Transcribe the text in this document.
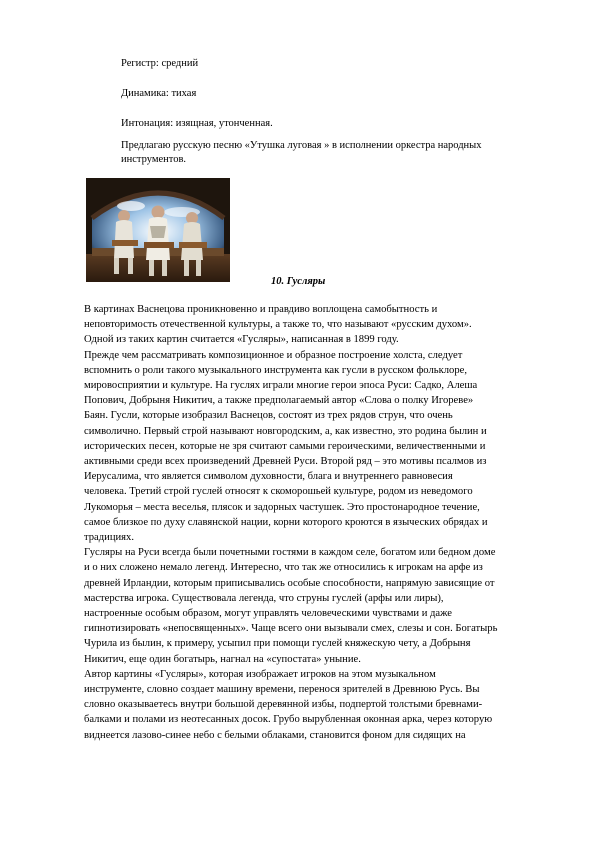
Регистр: средний
Динамика: тихая
Интонация: изящная, утонченная.
Предлагаю русскую песню «Утушка луговая » в исполнении оркестра народных
инструментов.
10. Гусляры
В картинах Васнецова проникновенно и правдиво воплощена самобытность и
неповторимость отечественной культуры, а также то, что называют «русским духом».
Одной из таких картин считается «Гусляры», написанная в 1899 году.
Прежде чем рассматривать композиционное и образное построение холста, следует
вспомнить о роли такого музыкального инструмента как гусли в русском фольклоре,
мировосприятии и культуре. На гуслях играли многие герои эпоса Руси: Садко, Алеша
Попович, Добрыня Никитич, а также предполагаемый автор «Слова о полку Игореве»
Баян. Гусли, которые изобразил Васнецов, состоят из трех рядов струн, что очень
символично. Первый строй называют новгородским, а, как известно, это родина былин и
исторических песен, которые не зря считают самыми героическими, величественными и
активными среди всех произведений Древней Руси. Второй ряд – это мотивы псалмов из
Иерусалима, что является символом духовности, блага и внутреннего равновесия
человека. Третий строй гуслей относят к скоморошьей культуре, родом из неведомого
Лукоморья – места веселья, плясок и задорных частушек. Это простонародное течение,
самое близкое по духу славянской нации, корни которого кроются в языческих обрядах и
традициях.
Гусляры на Руси всегда были почетными гостями в каждом селе, богатом или бедном доме
и о них сложено немало легенд. Интересно, что так же относились к игрокам на арфе из
древней Ирландии, которым приписывались особые способности, напрямую зависящие от
мастерства игрока. Существовала легенда, что струны гуслей (арфы или лиры),
настроенные особым образом, могут управлять человеческими чувствами и даже
гипнотизировать «непосвященных». Чаще всего они вызывали смех, слезы и сон. Богатырь
Чурила из былин, к примеру, усыпил при помощи гуслей княжескую чету, а Добрыня
Никитич, еще один богатырь, нагнал на «супостата» уныние.
Автор картины «Гусляры», которая изображает игроков на этом музыкальном
инструменте, словно создает машину времени, перенося зрителей в Древнюю Русь. Вы
словно оказываетесь внутри большой деревянной избы, подпертой толстыми бревнами-
балками и полами из неотесанных досок. Грубо вырубленная оконная арка, через которую
виднеется лазово-синее небо с белыми облаками, становится фоном для сидящих на
